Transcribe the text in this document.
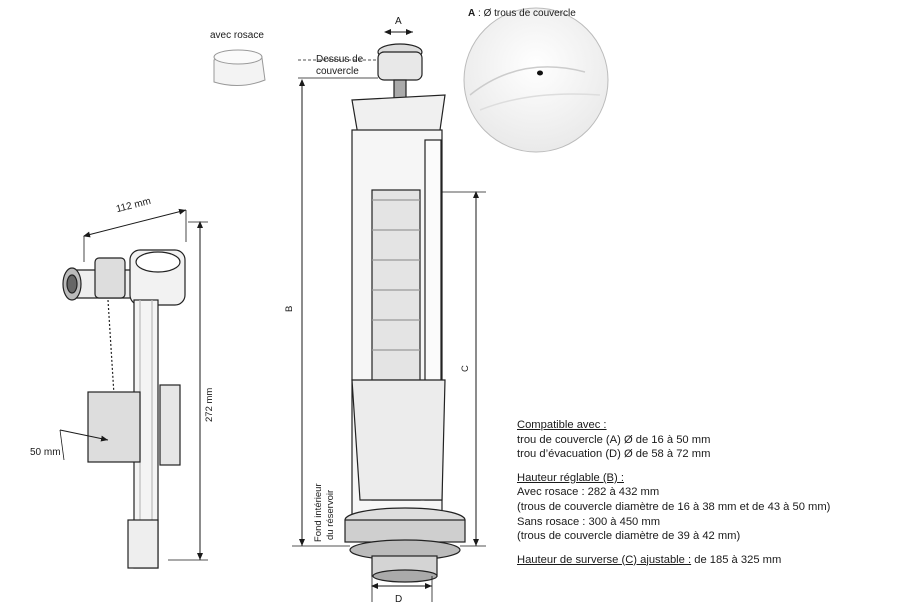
A
A : Ø trous de couvercle
avec rosace
Dessus de
couvercle
112 mm
272 mm
50 mm
B
C
D
Fond intérieur du réservoir
Compatible avec :
trou de couvercle (A) Ø de 16 à 50 mm
trou d’évacuation (D) Ø de 58 à 72 mm
Hauteur réglable (B) :
Avec rosace : 282 à 432 mm
(trous de couvercle diamètre de 16 à 38 mm et de 43 à 50 mm)
Sans rosace : 300 à 450 mm
(trous de couvercle diamètre de 39 à 42 mm)
Hauteur de surverse (C) ajustable : de 185 à 325 mm
